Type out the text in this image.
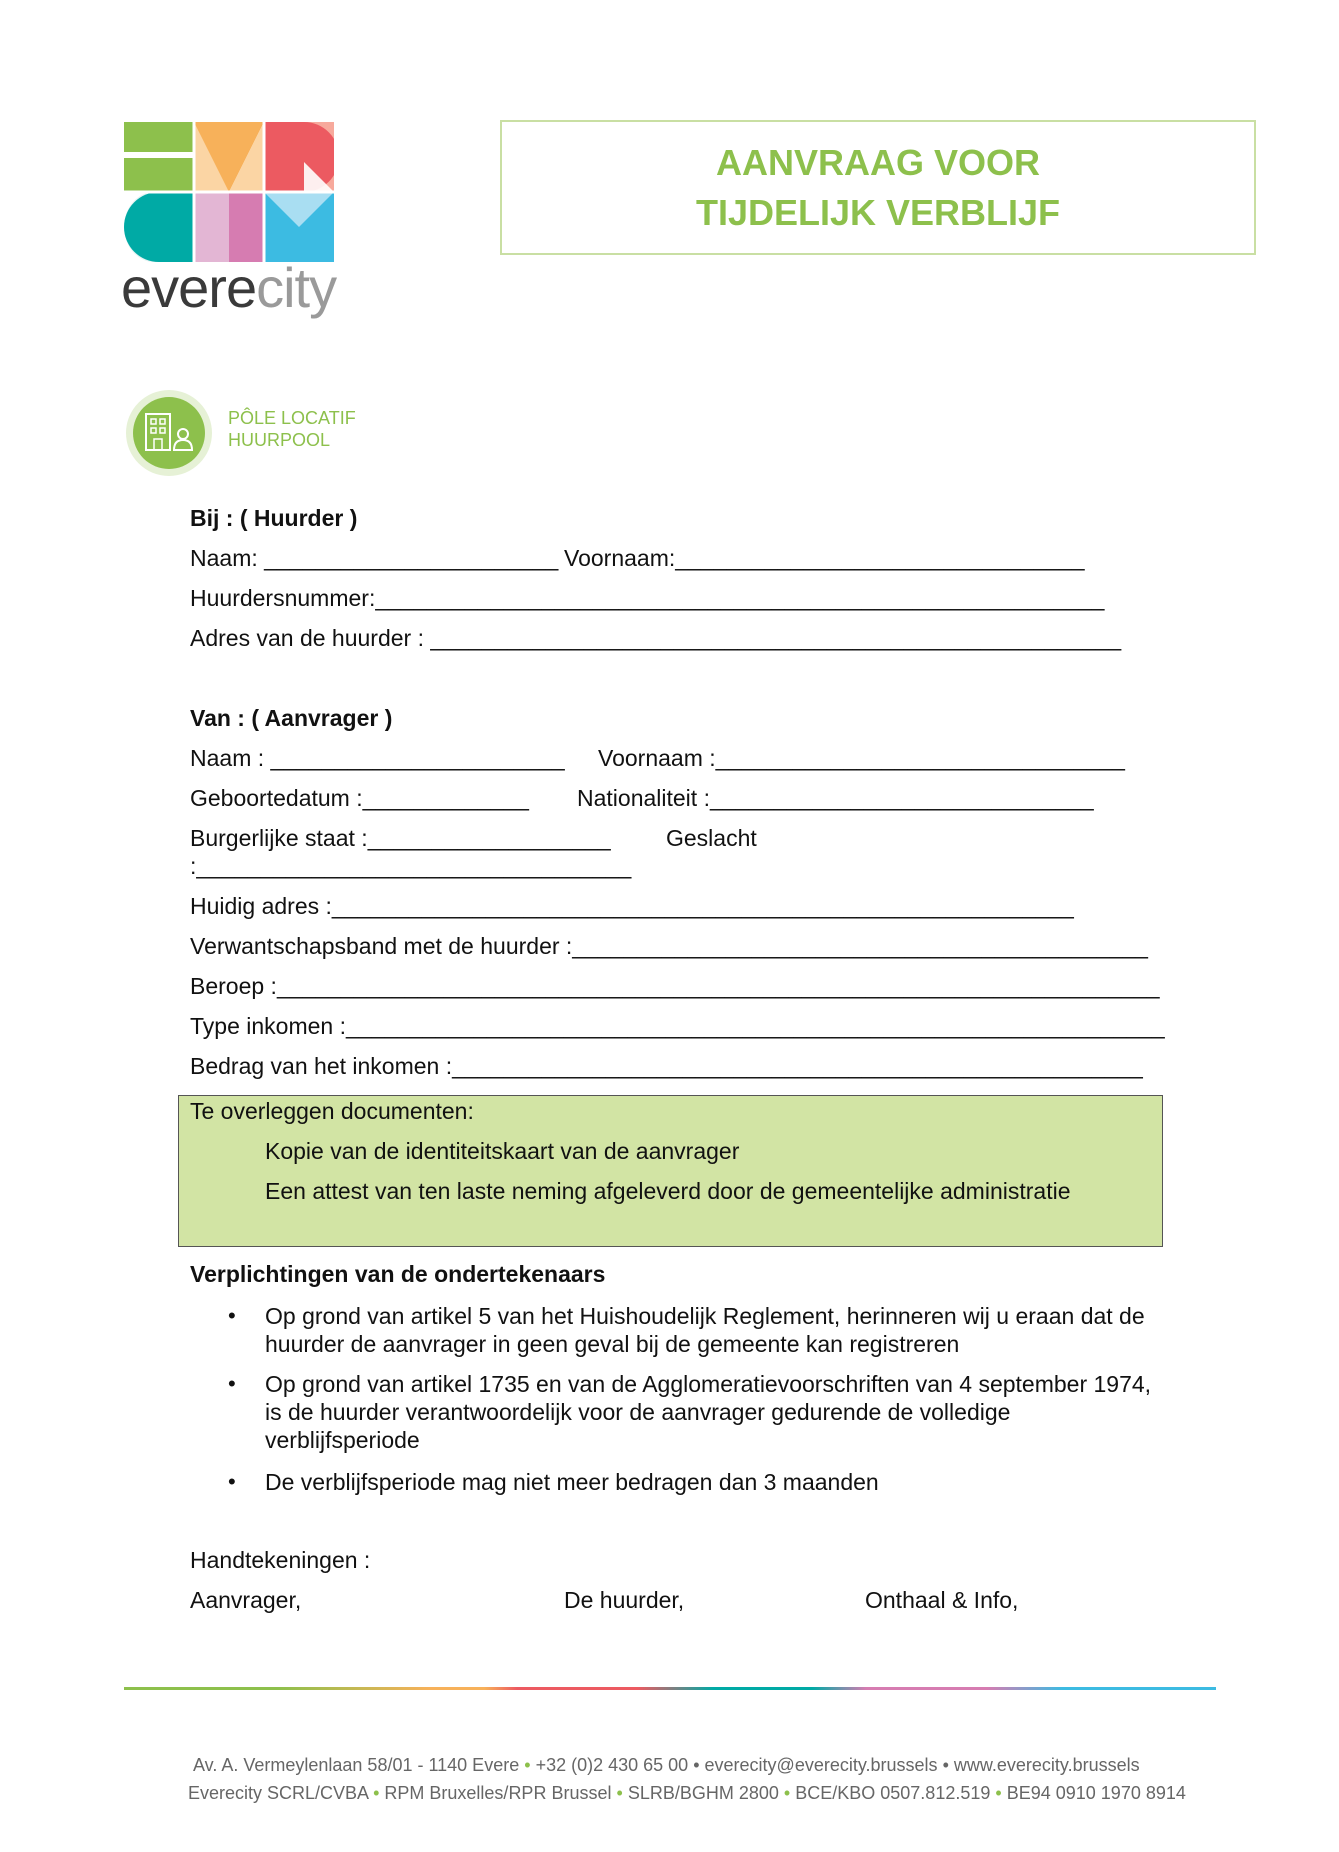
everecity
AANVRAAG VOOR
TIJDELIJK VERBLIJF
PÔLE LOCATIF
HUURPOOL
Bij : ( Huurder )
Naam: _______________________ Voornaam:________________________________
Huurdersnummer:_________________________________________________________
Adres van de huurder : ______________________________________________________
Van : ( Aanvrager )
Naam : _______________________ Voornaam :________________________________
Geboortedatum :_____________ Nationaliteit :______________________________
Burgerlijke staat :___________________ Geslacht
:__________________________________
Huidig adres :__________________________________________________________
Verwantschapsband met de huurder :_____________________________________________
Beroep :_____________________________________________________________________
Type inkomen :________________________________________________________________
Bedrag van het inkomen :______________________________________________________
Te overleggen documenten:
Kopie van de identiteitskaart van de aanvrager
Een attest van ten laste neming afgeleverd door de gemeentelijke administratie
Verplichtingen van de ondertekenaars
• Op grond van artikel 5 van het Huishoudelijk Reglement, herinneren wij u eraan dat de
huurder de aanvrager in geen geval bij de gemeente kan registreren
• Op grond van artikel 1735 en van de Agglomeratievoorschriften van 4 september 1974,
is de huurder verantwoordelijk voor de aanvrager gedurende de volledige
verblijfsperiode
• De verblijfsperiode mag niet meer bedragen dan 3 maanden
Handtekeningen :
Aanvrager,	De huurder,	Onthaal & Info,
Av. A. Vermeylenlaan 58/01 - 1140 Evere • +32 (0)2 430 65 00 • everecity@everecity.brussels • www.everecity.brussels
Everecity SCRL/CVBA • RPM Bruxelles/RPR Brussel • SLRB/BGHM 2800 • BCE/KBO 0507.812.519 • BE94 0910 1970 8914
